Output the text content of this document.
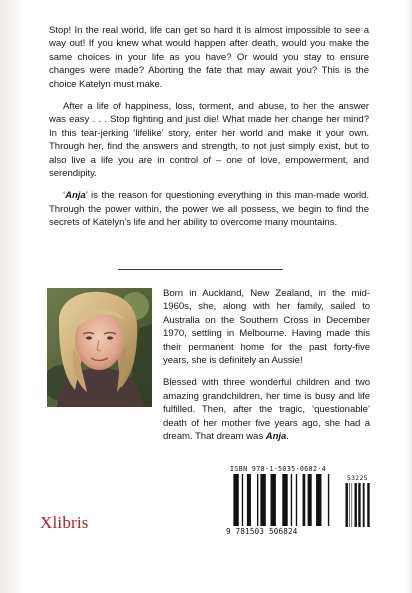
Stop! In the real world, life can get so hard it is almost impossible to see a way out! If you knew what would happen after death, would you make the same choices in your life as you have? Or would you stay to ensure changes were made? Aborting the fate that may await you? This is the choice Katelyn must make.

After a life of happiness, loss, torment, and abuse, to her the answer was easy . . . Stop fighting and just die! What made her change her mind? In this tear-jerking ‘lifelike’ story, enter her world and make it your own. Through her, find the answers and strength, to not just simply exist, but to also live a life you are in control of – one of love, empowerment, and serendipity.

‘Anja’ is the reason for questioning everything in this man-made world. Through the power within, the power we all possess, we begin to find the secrets of Katelyn’s life and her ability to overcome many mountains.

Born in Auckland, New Zealand, in the mid-1960s, she, along with her family, sailed to Australia on the Southern Cross in December 1970, settling in Melbourne. Having made this their permanent home for the past forty-five years, she is definitely an Aussie!

Blessed with three wonderful children and two amazing grandchildren, her time is busy and life fulfilled. Then, after the tragic, ‘questionable’ death of her mother five years ago, she had a dream. That dream was Anja.

ISBN 978-1-5035-0682-4
53225
9 781503 506824
Xlibris
